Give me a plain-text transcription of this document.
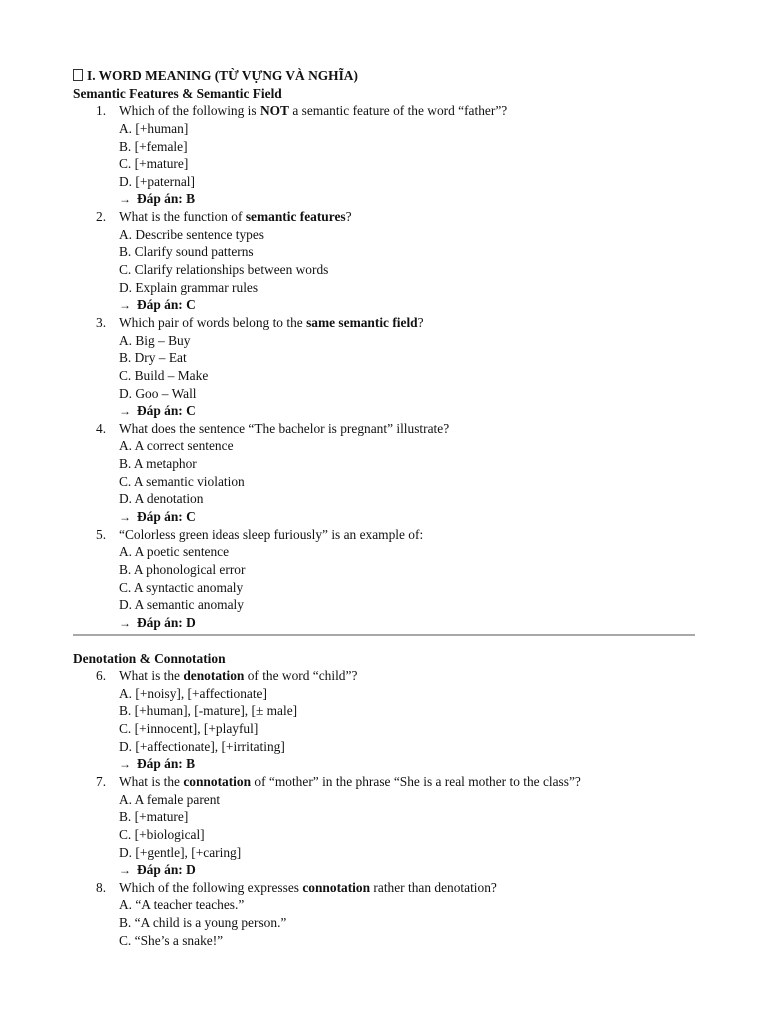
I. WORD MEANING (TỪ VỰNG VÀ NGHĨA)
Semantic Features & Semantic Field
1. Which of the following is NOT a semantic feature of the word “father”?
A. [+human]
B. [+female]
C. [+mature]
D. [+paternal]
→ Đáp án: B
2. What is the function of semantic features?
A. Describe sentence types
B. Clarify sound patterns
C. Clarify relationships between words
D. Explain grammar rules
→ Đáp án: C
3. Which pair of words belong to the same semantic field?
A. Big – Buy
B. Dry – Eat
C. Build – Make
D. Goo – Wall
→ Đáp án: C
4. What does the sentence “The bachelor is pregnant” illustrate?
A. A correct sentence
B. A metaphor
C. A semantic violation
D. A denotation
→ Đáp án: C
5. “Colorless green ideas sleep furiously” is an example of:
A. A poetic sentence
B. A phonological error
C. A syntactic anomaly
D. A semantic anomaly
→ Đáp án: D
Denotation & Connotation
6. What is the denotation of the word “child”?
A. [+noisy], [+affectionate]
B. [+human], [-mature], [± male]
C. [+innocent], [+playful]
D. [+affectionate], [+irritating]
→ Đáp án: B
7. What is the connotation of “mother” in the phrase “She is a real mother to the class”?
A. A female parent
B. [+mature]
C. [+biological]
D. [+gentle], [+caring]
→ Đáp án: D
8. Which of the following expresses connotation rather than denotation?
A. “A teacher teaches.”
B. “A child is a young person.”
C. “She’s a snake!”
